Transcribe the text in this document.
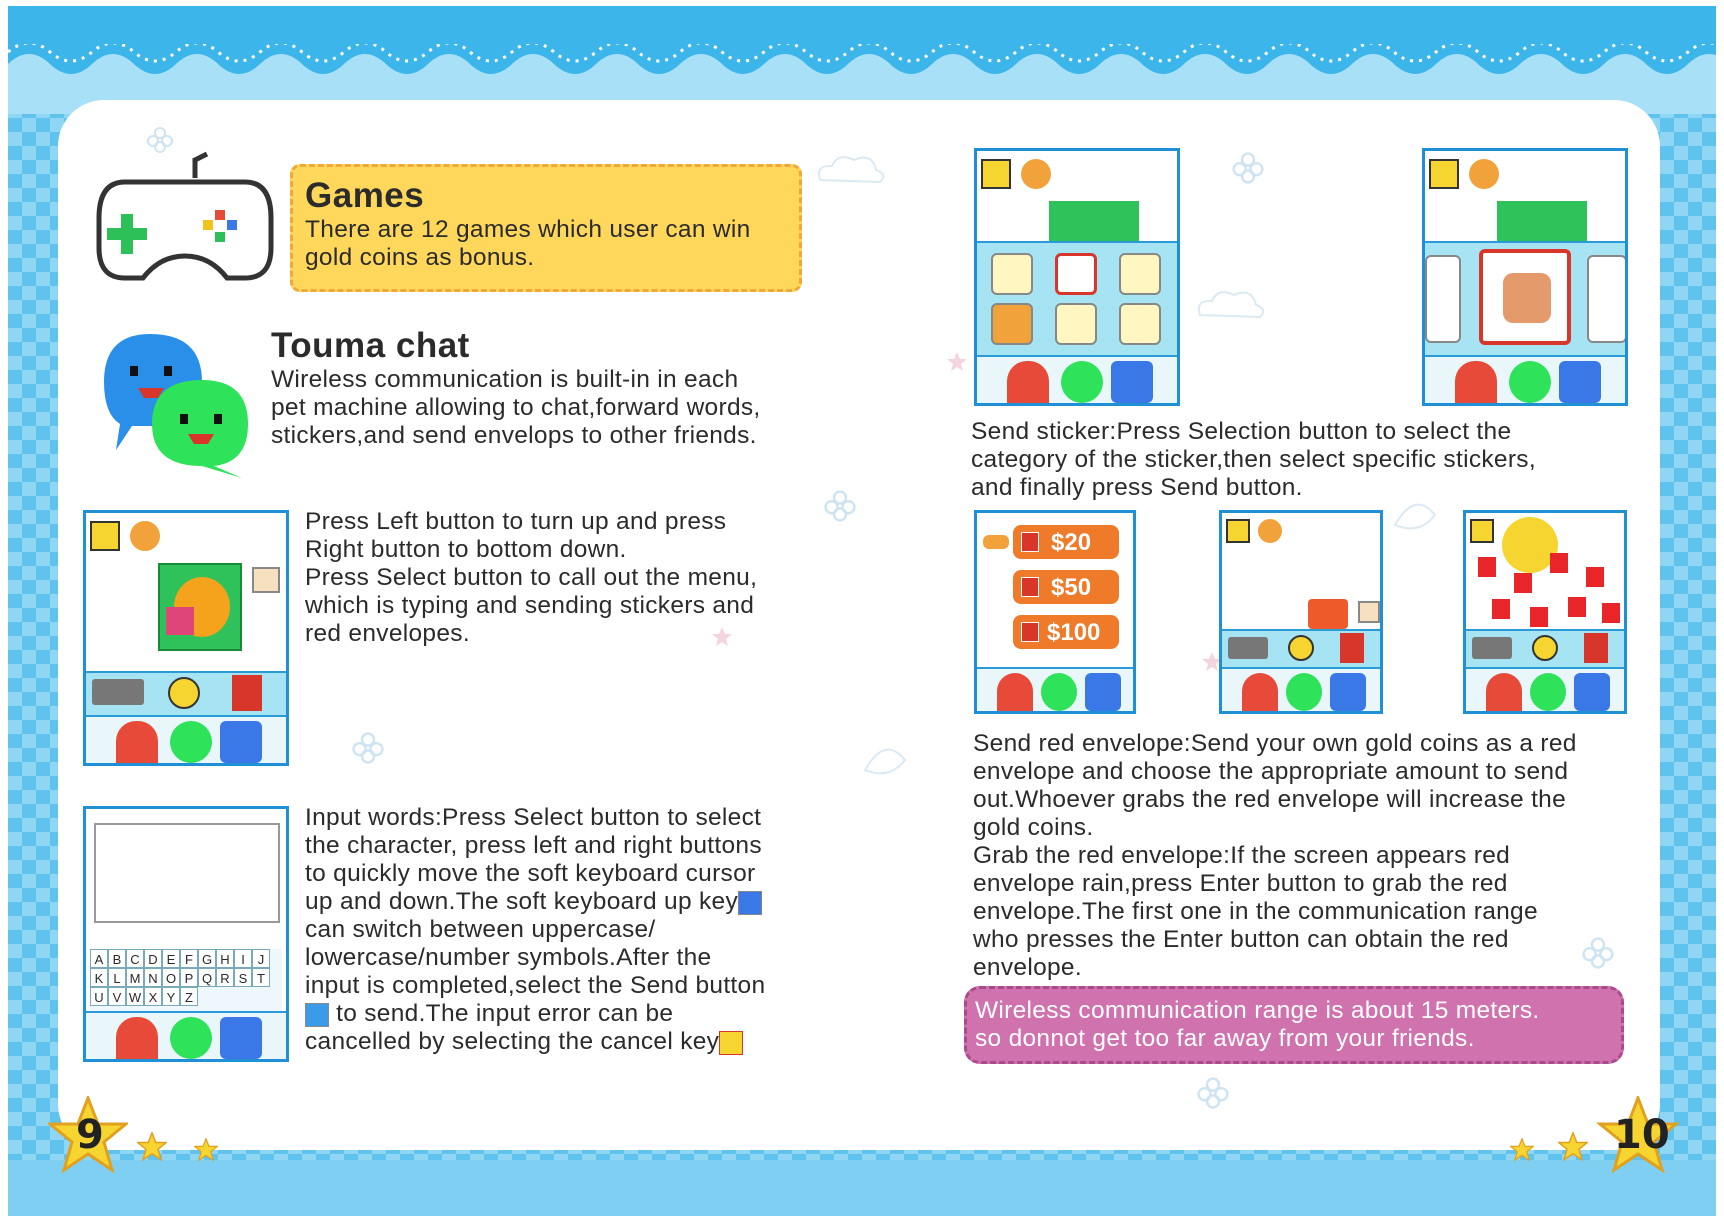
Games
There are 12 games which user can win
gold coins as bonus.
Touma chat
Wireless communication is built-in in each
pet machine allowing to chat,forward words,
stickers,and send envelops to other friends.
Press Left button to turn up and press
Right button to bottom down.
Press Select button to call out the menu,
which is typing and sending stickers and
red envelopes.
A B C D E F G H I J
K L M N O P Q R S T
U V W X Y Z
Input words:Press Select button to select
the character, press left and right buttons
to quickly move the soft keyboard cursor
up and down.The soft keyboard up key
can switch between uppercase/
lowercase/number symbols.After the
input is completed,select the Send button
to send.The input error can be
cancelled by selecting the cancel key
Send sticker:Press Selection button to select the
category of the sticker,then select specific stickers,
and finally press Send button.
$20
$50
$100
Send red envelope:Send your own gold coins as a red
envelope and choose the appropriate amount to send
out.Whoever grabs the red envelope will increase the
gold coins.
Grab the red envelope:If the screen appears red
envelope rain,press Enter button to grab the red
envelope.The first one in the communication range
who presses the Enter button can obtain the red
envelope.
Wireless communication range is about 15 meters.
so donnot get too far away from your friends.
9	10
